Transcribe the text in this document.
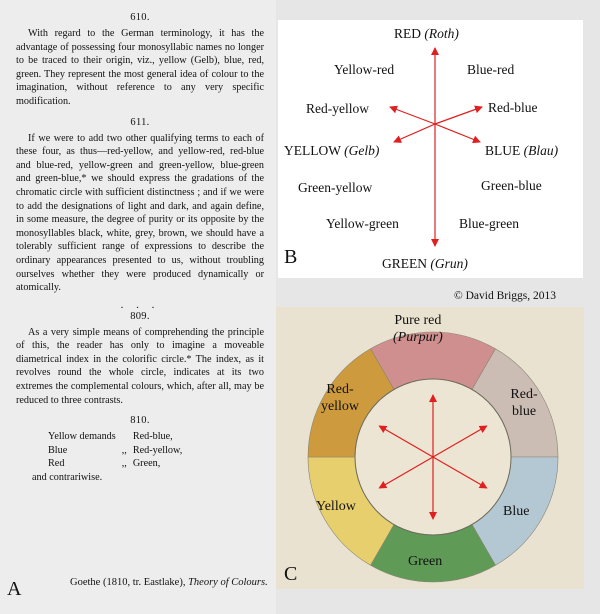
610.

With regard to the German terminology, it has the advantage of possessing four monosyllabic names no longer to be traced to their origin, viz., yellow (Gelb), blue, red, green. They represent the most general idea of colour to the imagination, without reference to any very specific modification.

611.

If we were to add two other qualifying terms to each of these four, as thus—red-yellow, and yellow-red, red-blue and blue-red, yellow-green and green-yellow, blue-green and green-blue,* we should express the gradations of the chromatic circle with sufficient distinctness ; and if we were to add the designations of light and dark, and again define, in some measure, the degree of purity or its opposite by the monosyllables black, white, grey, brown, we should have a tolerably sufficient range of expressions to describe the ordinary appearances presented to us, without troubling ourselves whether they were produced dynamically or atomically.

. . .
809.

As a very simple means of comprehending the principle of this, the reader has only to imagine a moveable diametrical index in the colorific circle.* The index, as it revolves round the whole circle, indicates at its two extremes the complemental colours, which, after all, may be reduced to three contrasts.

810.
Yellow demands		Red-blue,
Blue	,,	Red-yellow,
Red	,,	Green,
and contrariwise.
Goethe (1810, tr. Eastlake), Theory of Colours.
A
RED (Roth)
Yellow-red	Blue-red
Red-yellow	Red-blue
YELLOW (Gelb)	BLUE (Blau)
Green-yellow	Green-blue
Yellow-green	Blue-green
GREEN (Grun)
B
© David Briggs, 2013
Pure red
(Purpur)
Red-blue
Blue
Green
Yellow
Red-yellow
C
